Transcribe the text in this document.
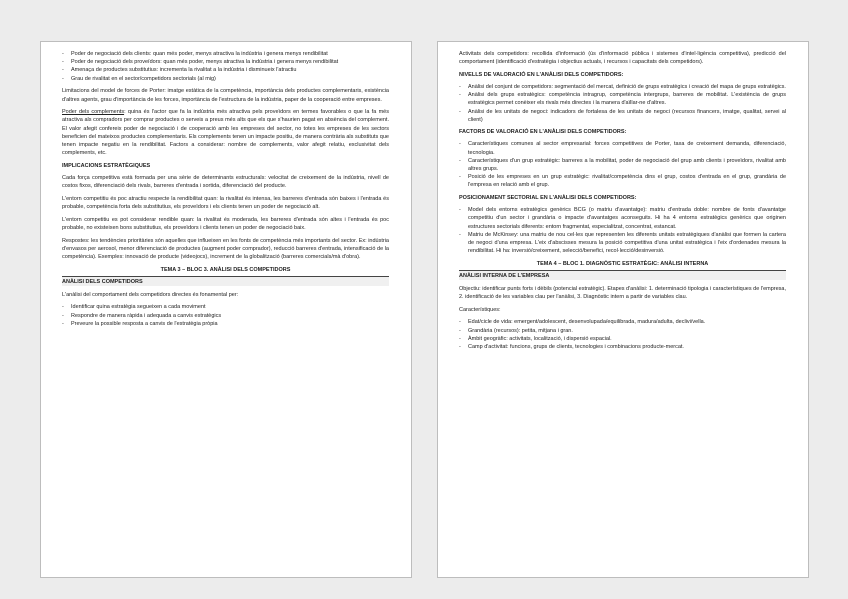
- Poder de negociació dels clients: quan més poder, menys atractiva la indústria i genera menys rendibilitat
- Poder de negociació dels proveïdors: quan més poder, menys atractiva la indústria i genera menys rendibilitat
- Amenaça de productes substitutius: incrementa la rivalitat a la indústria i disminueix l'atractiu
- Grau de rivalitat en el sector/competidors sectorials (al mig)

Limitacions del model de forces de Porter: imatge estàtica de la competència, importància dels productes complementaris, existència d'altres agents, grau d'importància de les forces, importància de l'estructura de la indústria, paper de la cooperació entre empreses.

Poder dels complements: quina és l'actor que fa la indústria més atractiva pels proveïdors en termes favorables o que la fa més atractiva als compradors per comprar productes o serveis a preus més alts que els que s'haurien pagat en absència del complement. El valor afegit confereix poder de negociació i de cooperació amb les empreses del sector, no totes les empreses de les sectors beneficien del mateixos productes complementaris. Els complements tenen un impacte positiu, de manera contrària als substituts que tenen impacte negatiu en la rendibilitat. Factors a considerar: nombre de complements, valor afegit relatiu, exclusivitat dels complements, etc.

IMPLICACIONS ESTRATÈGIQUES

Cada força competitiva està formada per una sèrie de determinants estructurals: velocitat de creixement de la indústria, nivell de costos fixos, diferenciació dels rivals, barreres d'entrada i sortida, diferenciació del producte.

L'entorn competitiu és poc atractiu respecte la rendibilitat quan: la rivalitat és intensa, les barreres d'entrada són baixes i l'entrada és probable, competència forta dels substitutius, els proveïdors i els clients tenen un poder de negociació alt.

L'entorn competitiu es pot considerar rendible quan: la rivalitat és moderada, les barreres d'entrada són altes i l'entrada és poc probable, no existeixen bons substitutius, els proveïdors i clients tenen un poder de negociació baix.

Respostes: les tendències prioritàries són aquelles que influeixen en les fonts de competència més importants del sector. Ex: indústria d'envasos per aerosol, menor diferenciació de productes (augment poder comprador), reducció barreres d'entrada, intensificació de la competència). Exemples: innovació de producte (videojocs), increment de la globalització (barreres comercials/mà d'obra).

TEMA 3 – BLOC 3. ANÀLISI DELS COMPETIDORS
ANÀLISI DELS COMPETIDORS

L'anàlisi del comportament dels competidors directes és fonamental per:

- Identificar quina estratègia segueixen a cada moviment
- Respondre de manera ràpida i adequada a canvis estratègics
- Preveure la possible resposta a canvis de l'estratègia pròpia

Activitats dels competidors: recollida d'informació (ús d'informació pública i sistemes d'intel·ligència competitiva), predicció del comportament (identificació d'estratègia i objectius actuals, i recursos i capacitats dels competidors).

NIVELLS DE VALORACIÓ EN L'ANÀLISI DELS COMPETIDORS:
- Anàlisi del conjunt de competidors: segmentació del mercat, definició de grups estratègics i creació del mapa de grups estratègics.
- Anàlisi dels grups estratègics: competència intragrup, competència intergrups, barreres de mobilitat. L'existència de grups estratègics permet conèixer els rivals més directes i la manera d'aïllar-ne d'altres.
- Anàlisi de les unitats de negoci: indicadors de fortalesa de les unitats de negoci (recursos financers, imatge, qualitat, servei al client)
FACTORS DE VALORACIÓ EN L'ANÀLISI DELS COMPETIDORS:
- Característiques comunes al sector empresarial: forces competitives de Porter, taxa de creixement demanda, diferenciació, tecnologia.
- Característiques d'un grup estratègic: barreres a la mobilitat, poder de negociació del grup amb clients i proveïdors, rivalitat amb altres grups.
- Posició de les empreses en un grup estratègic: rivalitat/competència dins el grup, costos d'entrada en el grup, grandària de l'empresa en relació amb el grup.
POSICIONAMENT SECTORIAL EN L'ANÀLISI DELS COMPETIDORS:
- Model dels entorns estratègics genèrics BCG (o matriu d'avantatge): matriu d'entrada doble: nombre de fonts d'avantatge competitiu d'un sector i grandària o impacte d'avantatges aconseguits. Hi ha 4 entorns estratègics genèrics que originen estructures sectorials diferents: entorn fragmentat, especialitzat, concentrat, estancat.
- Matriu de McKinsey: una matriu de nou cel·les que representen les diferents unitats estratègiques d'anàlisi que formen la cartera de negoci d'una empresa. L'eix d'abscisses mesura la posició competitiva d'una unitat estratègica i l'eix d'ordenades mesura la rendibilitat. Hi ha: inversió/creixement, selecció/benefici, recol·lecció/desinversió.
TEMA 4 – BLOC 1. DIAGNÒSTIC ESTRATÈGIC: ANÀLISI INTERNA
ANÀLISI INTERNA DE L'EMPRESA

Objectiu: identificar punts forts i dèbils (potencial estratègic). Etapes d'anàlisi: 1. determinació tipologia i característiques de l'empresa, 2. identificació de les variables clau per l'anàlisi, 3. Diagnòstic intern a partir de variables clau.

Característiques:

- Edat/cicle de vida: emergent/adolescent, desenvolupada/equilibrada, madura/adulta, declivi/vella.
- Grandària (recursos): petita, mitjana i gran.
- Àmbit geogràfic: activitats, localització, i dispersió espacial.
- Camp d'activitat: funcions, grups de clients, tecnologies i combinacions producte-mercat.
